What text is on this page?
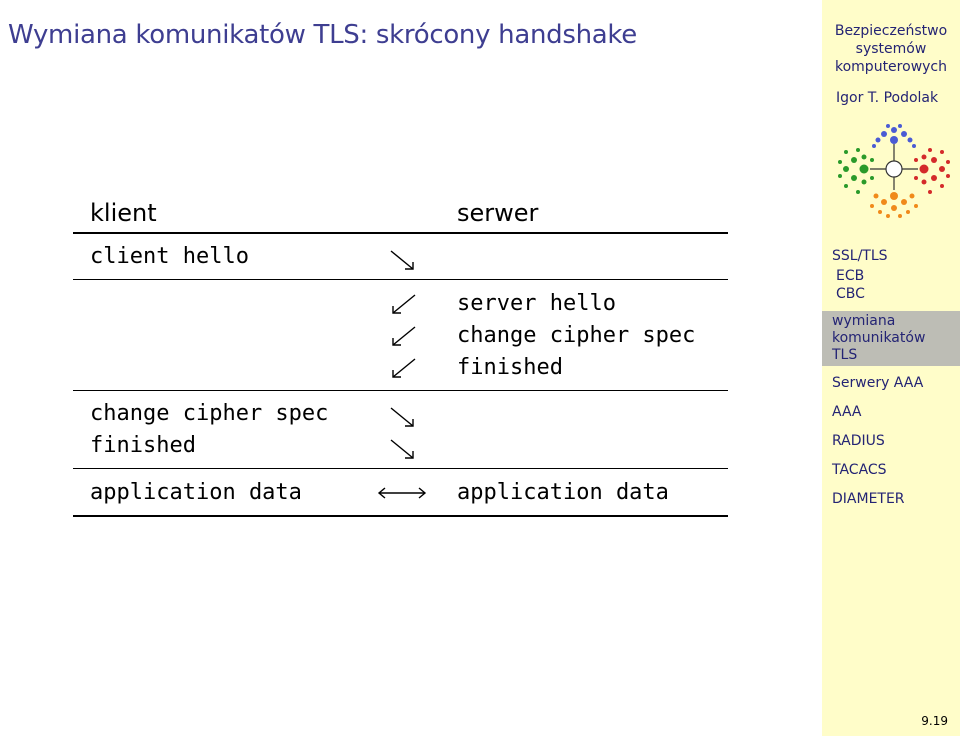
Wymiana komunikatów TLS: skrócony handshake
klient	serwer
client hello
server hello
change cipher spec
finished
change cipher spec
finished
application data	application data
Bezpieczeństwo systemów komputerowych
Igor T. Podolak
SSL/TLS
ECB
CBC
wymiana komunikatów TLS
Serwery AAA
AAA
RADIUS
TACACS
DIAMETER
9.19
